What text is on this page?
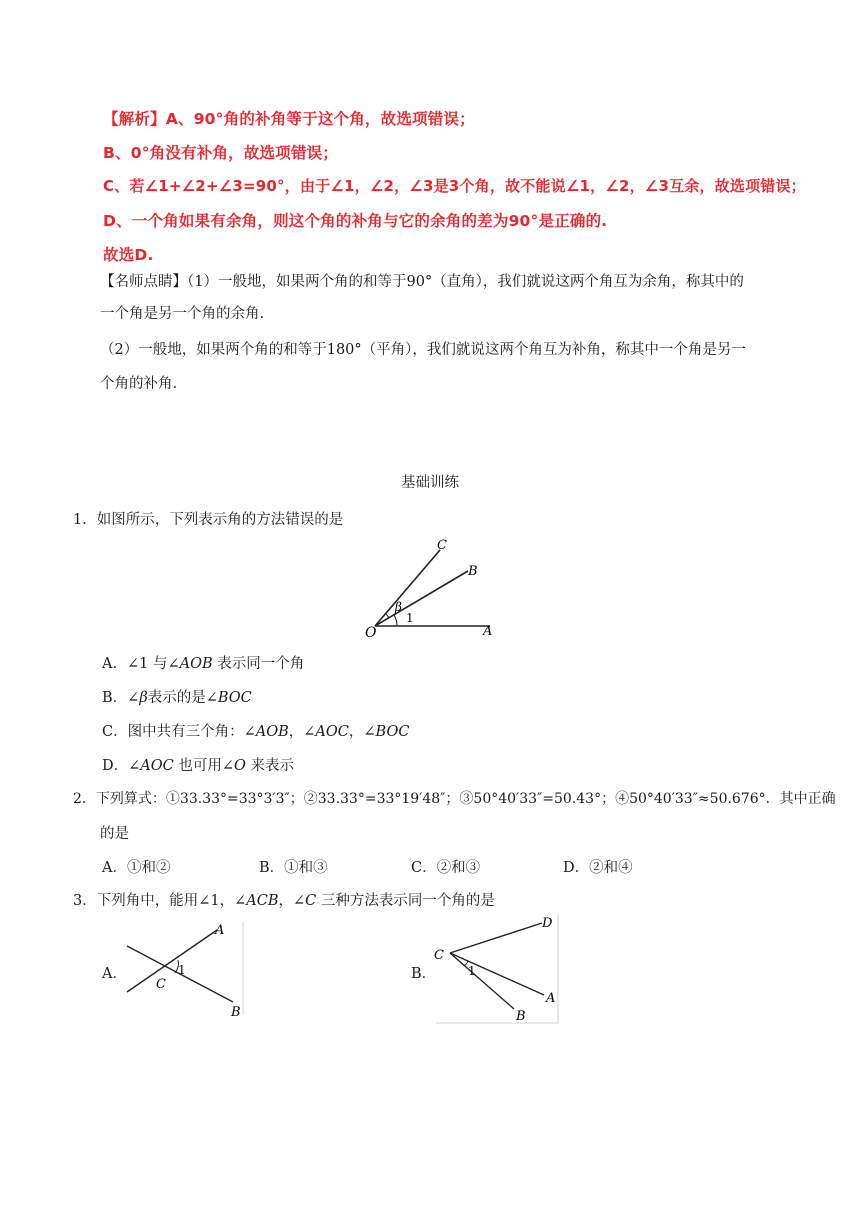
【解析】A、90°角的补角等于这个角，故选项错误；
B、0°角没有补角，故选项错误；
C、若∠1+∠2+∠3=90°，由于∠1，∠2，∠3是3个角，故不能说∠1，∠2，∠3互余，故选项错误；
D、一个角如果有余角，则这个角的补角与它的余角的差为90°是正确的.
故选D.
【名师点睛】（1）一般地，如果两个角的和等于90°（直角），我们就说这两个角互为余角，称其中的
一个角是另一个角的余角.
（2）一般地，如果两个角的和等于180°（平角），我们就说这两个角互为补角，称其中一个角是另一
个角的补角.
基础训练
1．如图所示，下列表示角的方法错误的是
O	A
B
C
β
1
A．∠1 与∠AOB 表示同一个角
B．∠β表示的是∠BOC
C．图中共有三个角：∠AOB，∠AOC，∠BOC
D．∠AOC 也可用∠O 来表示
2．下列算式：①33.33°=33°3′3″；②33.33°=33°19′48″；③50°40′33″=50.43°；④50°40′33″≈50.676°．其中正确
的是
A．①和②	B．①和③	C．②和③	D．②和④
3．下列角中，能用∠1，∠ACB，∠C 三种方法表示同一个角的是
A．
A
B
C
1	B．
D
A
B
C
1
